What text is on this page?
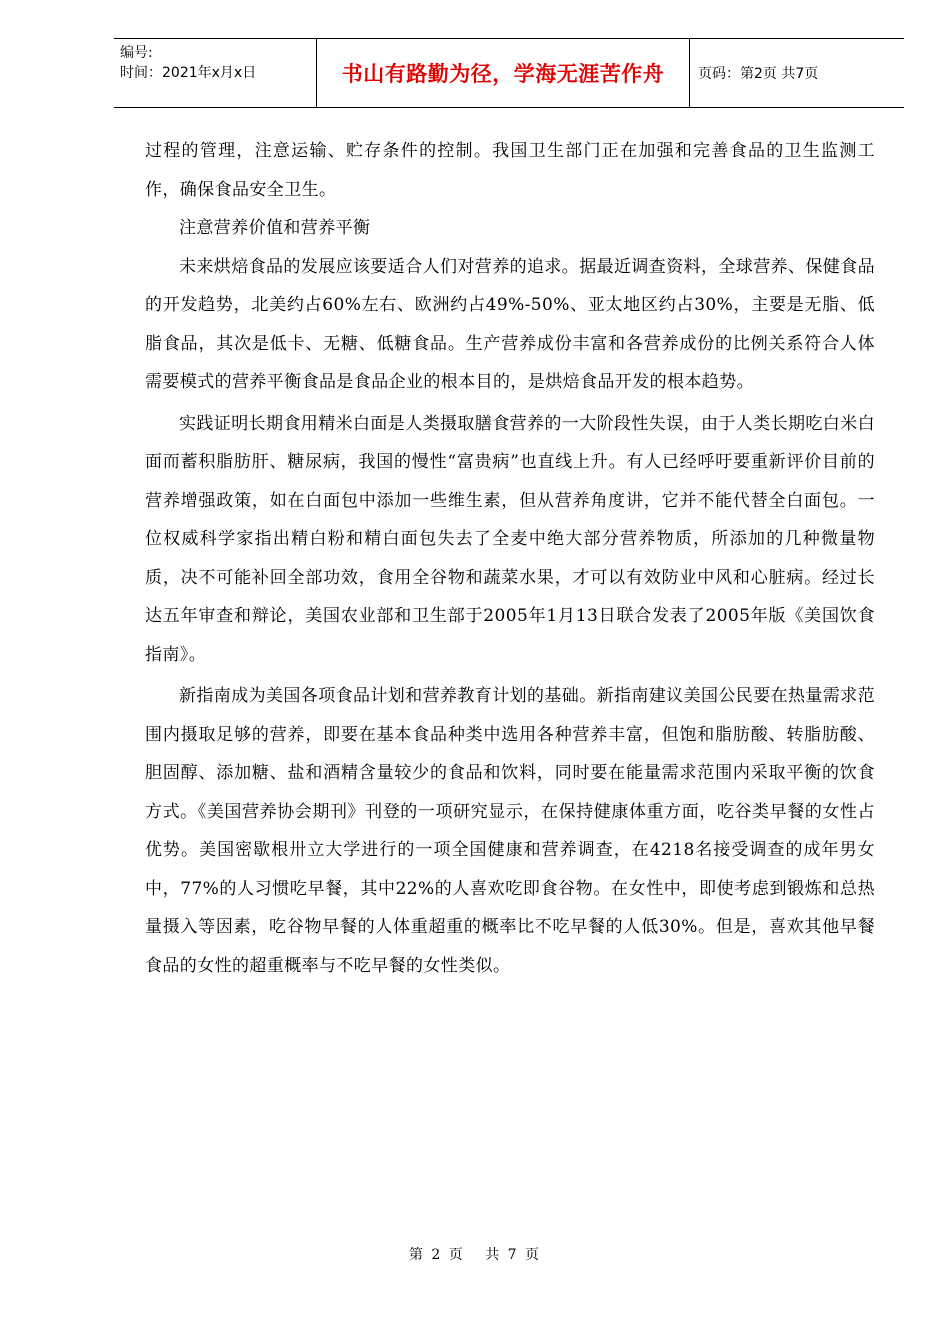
编号:
时间：2021年x月x日	书山有路勤为径，学海无涯苦作舟 页码：第2页 共7页

过程的管理，注意运输、贮存条件的控制。我国卫生部门正在加强和完善食品的卫生监测工作，确保食品安全卫生。

注意营养价值和营养平衡

未来烘焙食品的发展应该要适合人们对营养的追求。据最近调查资料，全球营养、保健食品的开发趋势，北美约占60%左右、欧洲约占49%-50%、亚太地区约占30%，主要是无脂、低脂食品，其次是低卡、无糖、低糖食品。生产营养成份丰富和各营养成份的比例关系符合人体需要模式的营养平衡食品是食品企业的根本目的，是烘焙食品开发的根本趋势。

实践证明长期食用精米白面是人类摄取膳食营养的一大阶段性失误，由于人类长期吃白米白面而蓄积脂肪肝、糖尿病，我国的慢性“富贵病”也直线上升。有人已经呼吁要重新评价目前的营养增强政策，如在白面包中添加一些维生素，但从营养角度讲，它并不能代替全白面包。一位权威科学家指出精白粉和精白面包失去了全麦中绝大部分营养物质，所添加的几种微量物质，决不可能补回全部功效，食用全谷物和蔬菜水果，才可以有效防业中风和心脏病。经过长达五年审查和辩论，美国农业部和卫生部于2005年1月13日联合发表了2005年版《美国饮食指南》。

新指南成为美国各项食品计划和营养教育计划的基础。新指南建议美国公民要在热量需求范围内摄取足够的营养，即要在基本食品种类中选用各种营养丰富，但饱和脂肪酸、转脂肪酸、胆固醇、添加糖、盐和酒精含量较少的食品和饮料，同时要在能量需求范围内采取平衡的饮食方式。《美国营养协会期刊》刊登的一项研究显示，在保持健康体重方面，吃谷类早餐的女性占优势。美国密歇根卅立大学进行的一项全国健康和营养调查，在4218名接受调查的成年男女中，77%的人习惯吃早餐，其中22%的人喜欢吃即食谷物。在女性中，即使考虑到锻炼和总热量摄入等因素，吃谷物早餐的人体重超重的概率比不吃早餐的人低30%。但是，喜欢其他早餐食品的女性的超重概率与不吃早餐的女性类似。

第 2 页 共 7 页
